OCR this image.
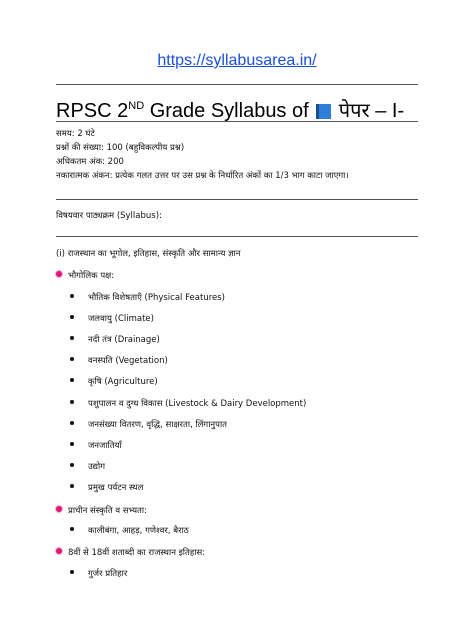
https://syllabusarea.in/
RPSC 2ND Grade Syllabus of  पेपर – I-
समय: 2 घंटे
प्रश्नों की संख्या: 100 (बहुविकल्पीय प्रश्न)
अधिकतम अंक: 200
नकारात्मक अंकन: प्रत्येक गलत उत्तर पर उस प्रश्न के निर्धारित अंकों का 1/3 भाग काटा जाएगा।
विषयवार पाठ्यक्रम (Syllabus):
(i) राजस्थान का भूगोल, इतिहास, संस्कृति और सामान्य ज्ञान
भौगोलिक पक्ष:
भौतिक विशेषताएँ (Physical Features)
जलवायु (Climate)
नदी तंत्र (Drainage)
वनस्पति (Vegetation)
कृषि (Agriculture)
पशुपालन व दुग्ध विकास (Livestock & Dairy Development)
जनसंख्या वितरण, वृद्धि, साक्षरता, लिंगानुपात
जनजातियाँ
उद्योग
प्रमुख पर्यटन स्थल
प्राचीन संस्कृति व सभ्यता:
कालीबंगा, आहड़, गणेश्वर, बैराठ
8वीं से 18वीं शताब्दी का राजस्थान इतिहास:
गुर्जर प्रतिहार
